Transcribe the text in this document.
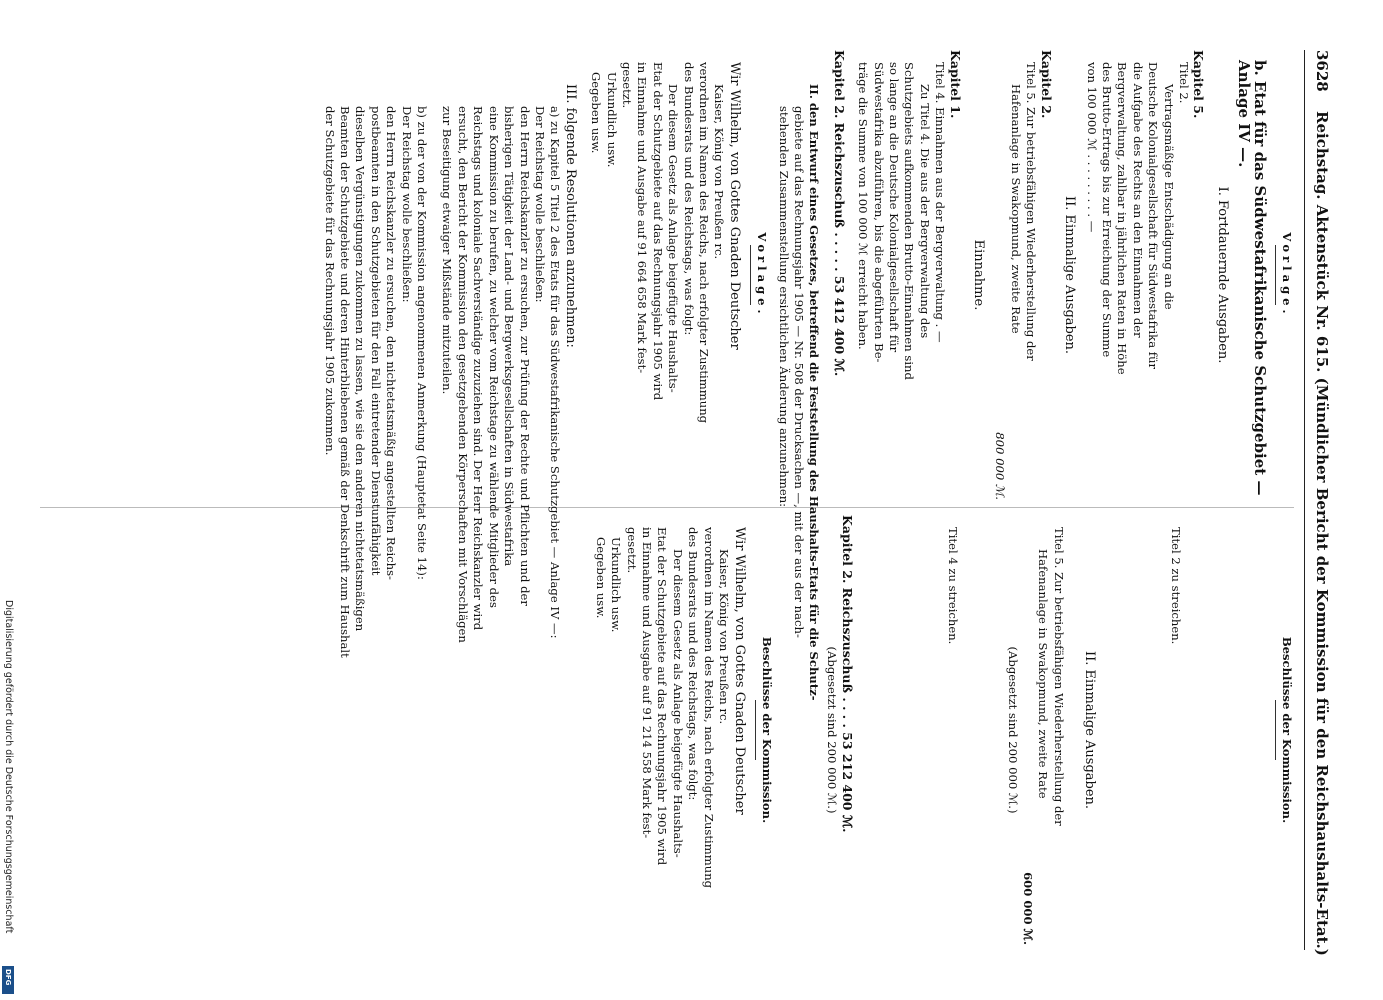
3628 Reichstag. Aktenstück Nr. 615. (Mündlicher Bericht der Kommission für den Reichshaushalts-Etat.)
Vorlage.
b. Etat für das Südwestafrikanische Schutzgebiet — Anlage IV —.
I. Fortdauernde Ausgaben.
Kapitel 5.
Titel 2.
Vertragsmäßige Entschädigung an die
Deutsche Kolonialgesellschaft für Südwestafrika für
die Aufgabe des Rechts an den Einnahmen der
Bergverwaltung, zahlbar in jährlichen Raten in Höhe
des Brutto-Ertrags bis zur Erreichung der Summe
von 100 000 ℳ . . . . . . . . . —
II. Einmalige Ausgaben.
Kapitel 2.
Titel 5. Zur betriebsfähigen Wiederherstellung der
Hafenanlage in Swakopmund, zweite Rate
800 000 ℳ.
Einnahme.
Kapitel 1.
Titel 4. Einnahmen aus der Bergverwaltung . —
Zu Titel 4. Die aus der Bergverwaltung des
Schutzgebiets aufkommenden Brutto-Einnahmen sind
so lange an die Deutsche Kolonialgesellschaft für
Südwestafrika abzuführen, bis die abgeführten Be-
träge die Summe von 100 000 ℳ erreicht haben.
Kapitel 2. Reichszuschuß . . . . . 53 412 400 ℳ.
II. den Entwurf eines Gesetzes, betreffend die Feststellung des Haushalts-Etats für die Schutz-
gebiete auf das Rechnungsjahr 1905 — Nr. 508 der Drucksachen —, mit der aus der nach-
stehenden Zusammenstellung ersichtlichen Änderung anzunehmen:
Vorlage.
Wir Wilhelm, von Gottes Gnaden Deutscher
Kaiser, König von Preußen rc.
verordnen im Namen des Reichs, nach erfolgter Zustimmung
des Bundesrats und des Reichstags, was folgt:
Der diesem Gesetz als Anlage beigefügte Haushalts-
Etat der Schutzgebiete auf das Rechnungsjahr 1905 wird
in Einnahme und Ausgabe auf 91 664 658 Mark fest-
gesetzt.
Urkundlich usw.
Gegeben usw.
III. folgende Resolutionen anzunehmen:
a) zu Kapitel 5 Titel 2 des Etats für das Südwestafrikanische Schutzgebiet — Anlage IV —:
Der Reichstag wolle beschließen:
den Herrn Reichskanzler zu ersuchen, zur Prüfung der Rechte und Pflichten und der
bisherigen Tätigkeit der Land- und Bergwerksgesellschaften in Südwestafrika
eine Kommission zu berufen, zu welcher vom Reichstage zu wählende Mitglieder des
Reichstags und koloniale Sachverständige zuzuziehen sind. Der Herr Reichskanzler wird
ersucht, den Bericht der Kommission den gesetzgebenden Körperschaften mit Vorschlägen
zur Beseitigung etwaiger Mißstände mitzuteilen.
b) zu der von der Kommission angenommenen Anmerkung (Hauptetat Seite 14):
Der Reichstag wolle beschließen:
den Herrn Reichskanzler zu ersuchen, den nichtetatsmäßig angestellten Reichs-
postbeamten in den Schutzgebieten für den Fall eintretender Dienstunfähigkeit
dieselben Vergünstigungen zukommen zu lassen, wie sie den anderen nichtetatsmäßigen
Beamten der Schutzgebiete und deren Hinterbliebenen gemäß der Denkschrift zum Haushalt
der Schutzgebiete für das Rechnungsjahr 1905 zukommen.
Beschlüsse der Kommission.
Titel 2 zu streichen.
II. Einmalige Ausgaben.
Titel 5. Zur betriebsfähigen Wiederherstellung der
Hafenanlage in Swakopmund, zweite Rate
600 000 ℳ.
(Abgesetzt sind 200 000 ℳ.)
Titel 4 zu streichen.
Kapitel 2. Reichszuschuß . . . . 53 212 400 ℳ.
(Abgesetzt sind 200 000 ℳ.)
Beschlüsse der Kommission.
Wir Wilhelm, von Gottes Gnaden Deutscher
Kaiser, König von Preußen rc.
verordnen im Namen des Reichs, nach erfolgter Zustimmung
des Bundesrats und des Reichstags, was folgt:
Der diesem Gesetz als Anlage beigefügte Haushalts-
Etat der Schutzgebiete auf das Rechnungsjahr 1905 wird
in Einnahme und Ausgabe auf 91 214 558 Mark fest-
gesetzt.
Urkundlich usw.
Gegeben usw.
Digitalisierung gefördert durch die Deutsche Forschungsgemeinschaft
DFG
